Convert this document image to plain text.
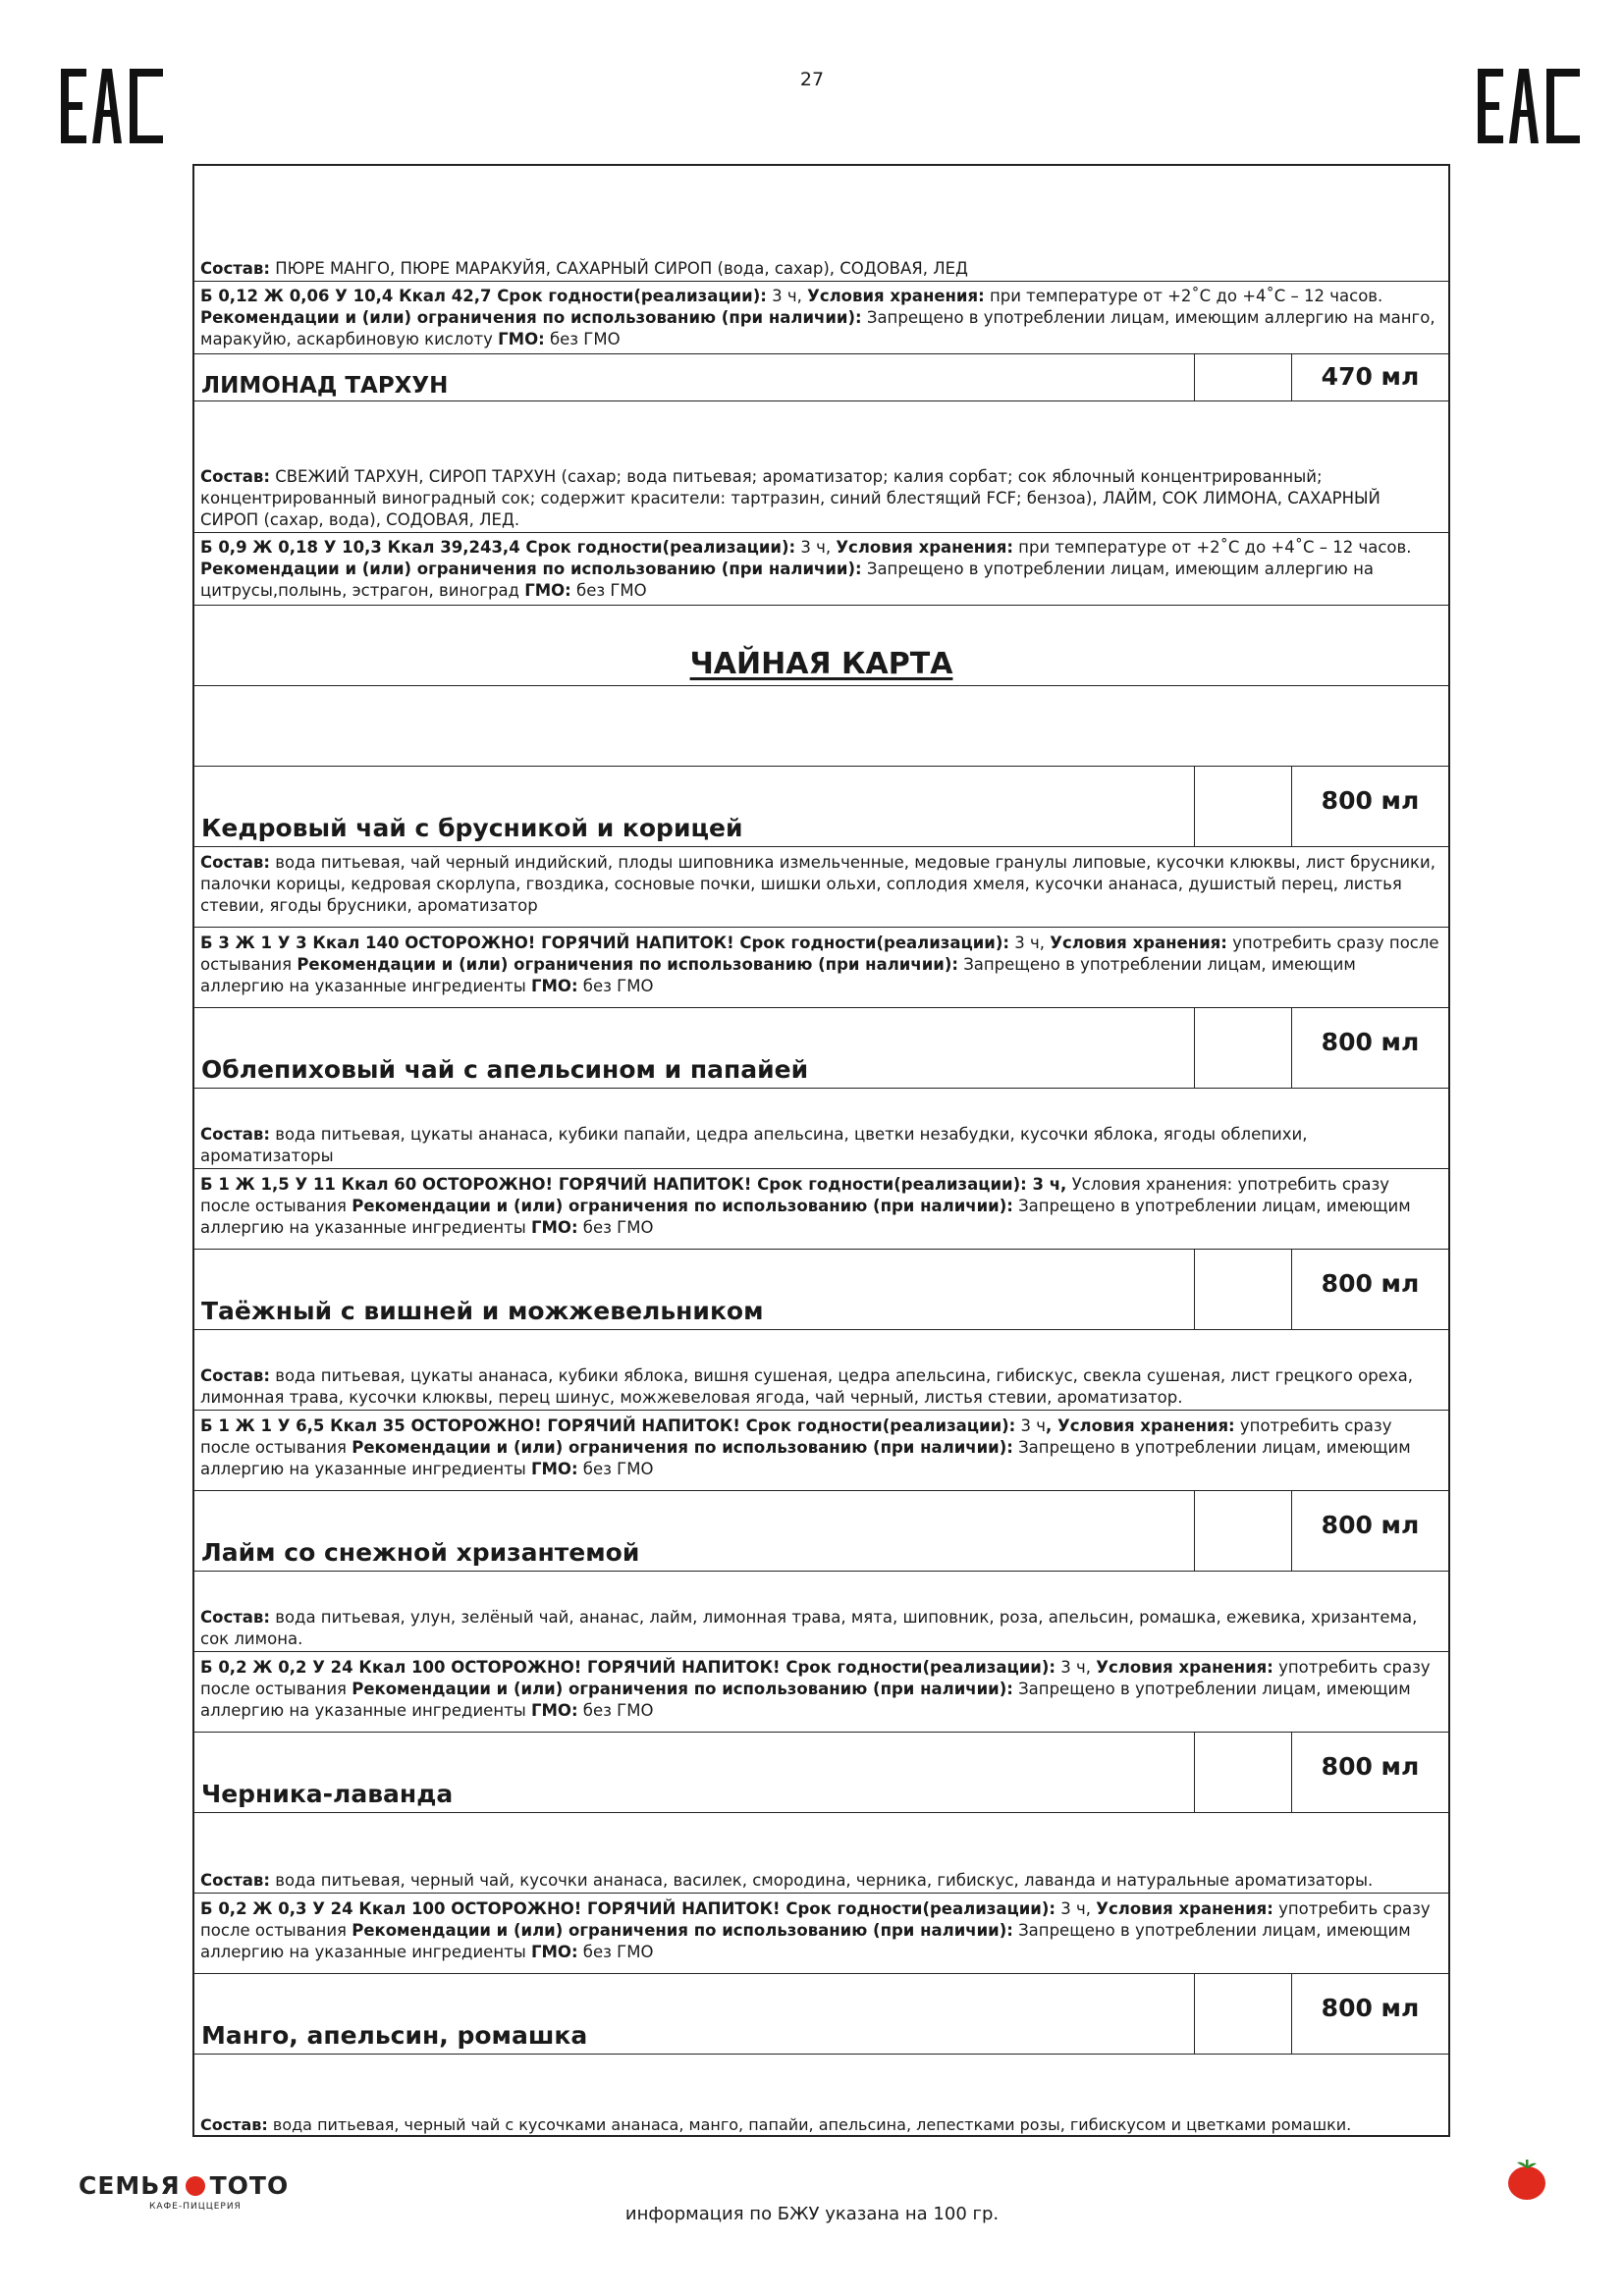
27
Состав: ПЮРЕ МАНГО, ПЮРЕ МАРАКУЙЯ, САХАРНЫЙ СИРОП (вода, сахар), СОДОВАЯ, ЛЕД
Б 0,12 Ж 0,06 У 10,4 Ккал 42,7 Срок годности(реализации): 3 ч, Условия хранения: при температуре от +2˚С до +4˚С – 12 часов.
Рекомендации и (или) ограничения по использованию (при наличии): Запрещено в употреблении лицам, имеющим аллергию на манго, маракуйю, аскарбиновую кислоту ГМО: без ГМО
ЛИМОНАД ТАРХУН	470 мл
Состав: СВЕЖИЙ ТАРХУН, СИРОП ТАРХУН (сахар; вода питьевая; ароматизатор; калия сорбат; сок яблочный концентрированный; концентрированный виноградный сок; содержит красители: тартразин, синий блестящий FCF; бензоа), ЛАЙМ, СОК ЛИМОНА, САХАРНЫЙ СИРОП (сахар, вода), СОДОВАЯ, ЛЕД.
Б 0,9 Ж 0,18 У 10,3 Ккал 39,243,4 Срок годности(реализации): 3 ч, Условия хранения: при температуре от +2˚С до +4˚С – 12 часов.
Рекомендации и (или) ограничения по использованию (при наличии): Запрещено в употреблении лицам, имеющим аллергию на цитрусы,полынь, эстрагон, виноград ГМО: без ГМО
ЧАЙНАЯ КАРТА
Кедровый чай с брусникой и корицей
800 мл
Состав: вода питьевая, чай черный индийский, плоды шиповника измельченные, медовые гранулы липовые, кусочки клюквы, лист брусники, палочки корицы, кедровая скорлупа, гвоздика, сосновые почки, шишки ольхи, соплодия хмеля, кусочки ананаса, душистый перец, листья стевии, ягоды брусники, ароматизатор
Б 3 Ж 1 У 3 Ккал 140 ОСТОРОЖНО! ГОРЯЧИЙ НАПИТОК! Срок годности(реализации): 3 ч, Условия хранения: употребить сразу после остывания Рекомендации и (или) ограничения по использованию (при наличии): Запрещено в употреблении лицам, имеющим аллергию на указанные ингредиенты ГМО: без ГМО
Облепиховый чай с апельсином и папайей
800 мл
Состав: вода питьевая, цукаты ананаса, кубики папайи, цедра апельсина, цветки незабудки, кусочки яблока, ягоды облепихи, ароматизаторы
Б 1 Ж 1,5 У 11 Ккал 60 ОСТОРОЖНО! ГОРЯЧИЙ НАПИТОК! Срок годности(реализации): 3 ч, Условия хранения: употребить сразу после остывания Рекомендации и (или) ограничения по использованию (при наличии): Запрещено в употреблении лицам, имеющим аллергию на указанные ингредиенты ГМО: без ГМО
Таёжный с вишней и можжевельником
800 мл
Состав: вода питьевая, цукаты ананаса, кубики яблока, вишня сушеная, цедра апельсина, гибискус, свекла сушеная, лист грецкого ореха, лимонная трава, кусочки клюквы, перец шинус, можжевеловая ягода, чай черный, листья стевии, ароматизатор.
Б 1 Ж 1 У 6,5 Ккал 35 ОСТОРОЖНО! ГОРЯЧИЙ НАПИТОК! Срок годности(реализации): 3 ч, Условия хранения: употребить сразу после остывания Рекомендации и (или) ограничения по использованию (при наличии): Запрещено в употреблении лицам, имеющим аллергию на указанные ингредиенты ГМО: без ГМО
Лайм со снежной хризантемой
800 мл
Состав: вода питьевая, улун, зелёный чай, ананас, лайм, лимонная трава, мята, шиповник, роза, апельсин, ромашка, ежевика, хризантема, сок лимона.
Б 0,2 Ж 0,2 У 24 Ккал 100 ОСТОРОЖНО! ГОРЯЧИЙ НАПИТОК! Срок годности(реализации): 3 ч, Условия хранения: употребить сразу после остывания Рекомендации и (или) ограничения по использованию (при наличии): Запрещено в употреблении лицам, имеющим аллергию на указанные ингредиенты ГМО: без ГМО
Черника-лаванда
800 мл
Состав: вода питьевая, черный чай, кусочки ананаса, василек, смородина, черника, гибискус, лаванда и натуральные ароматизаторы.
Б 0,2 Ж 0,3 У 24 Ккал 100 ОСТОРОЖНО! ГОРЯЧИЙ НАПИТОК! Срок годности(реализации): 3 ч, Условия хранения: употребить сразу после остывания Рекомендации и (или) ограничения по использованию (при наличии): Запрещено в употреблении лицам, имеющим аллергию на указанные ингредиенты ГМО: без ГМО
Манго, апельсин, ромашка
800 мл
Состав: вода питьевая, черный чай с кусочками ананаса, манго, папайи, апельсина, лепестками розы, гибискусом и цветками ромашки.
СЕМЬЯ ТОТО
КАФЕ-ПИЦЦЕРИЯ	информация по БЖУ указана на 100 гр.
